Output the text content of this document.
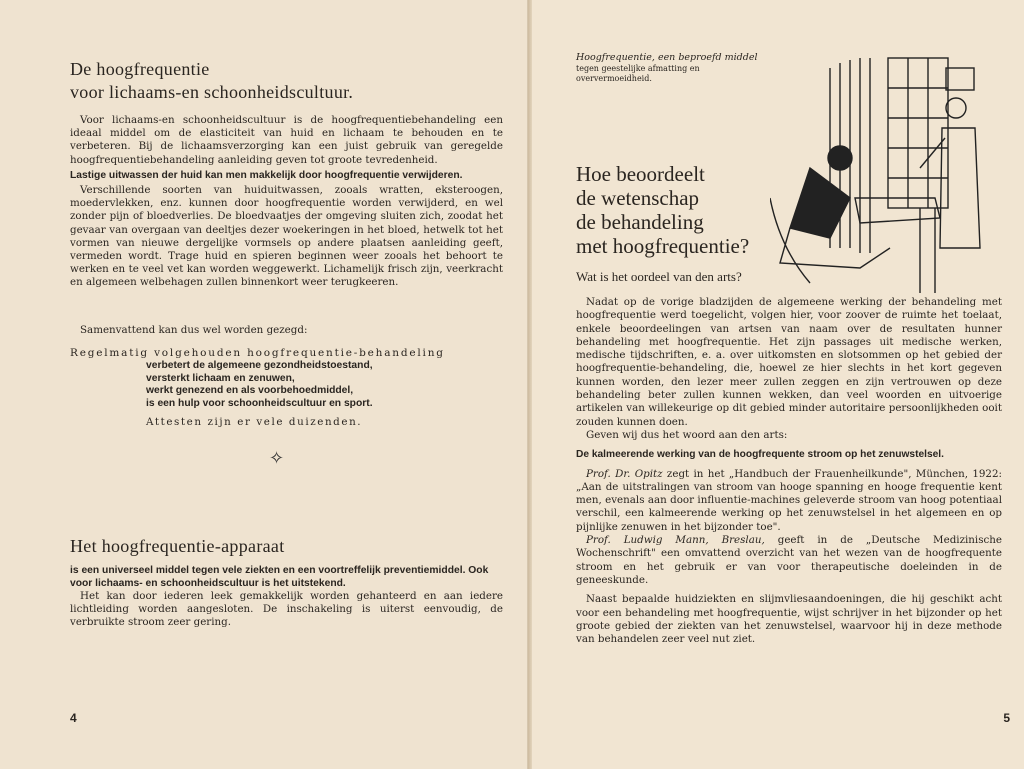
De hoogfrequentie

voor lichaams-en schoonheidscultuur.

Voor lichaams-en schoonheidscultuur is de hoogfrequentiebehandeling een ideaal middel om de elasticiteit van huid en lichaam te behouden en te verbeteren. Bij de lichaamsverzorging kan een juist gebruik van geregelde hoogfrequentiebehandeling aanleiding geven tot groote tevredenheid.

Lastige uitwassen der huid kan men makkelijk door hoogfrequentie verwijderen.

Verschillende soorten van huiduitwassen, zooals wratten, eksteroogen, moedervlekken, enz. kunnen door hoogfrequentie worden verwijderd, en wel zonder pijn of bloedverlies. De bloedvaatjes der omgeving sluiten zich, zoodat het gevaar van overgaan van deeltjes dezer woekeringen in het bloed, hetwelk tot het vormen van nieuwe dergelijke vormsels op andere plaatsen aanleiding geeft, vermeden wordt. Trage huid en spieren beginnen weer zooals het behoort te werken en te veel vet kan worden weggewerkt. Lichamelijk frisch zijn, veerkracht en algemeen welbehagen zullen binnenkort weer terugkeeren.

Samenvattend kan dus wel worden gezegd:

Regelmatig volgehouden hoogfrequentie-behandeling

verbetert de algemeene gezondheidstoestand,
versterkt lichaam en zenuwen,
werkt genezend en als voorbehoedmiddel,
is een hulp voor schoonheidscultuur en sport.

Attesten zijn er vele duizenden.

✧

Het hoogfrequentie-apparaat

is een universeel middel tegen vele ziekten en een voortreffelijk preventiemiddel. Ook voor lichaams- en schoonheidscultuur is het uitstekend.

Het kan door iederen leek gemakkelijk worden gehanteerd en aan iedere lichtleiding worden aangesloten. De inschakeling is uiterst eenvoudig, de verbruikte stroom zeer gering.

4

Hoogfrequentie, een beproefd middel

tegen geestelijke afmatting en

oververmoeidheid.

Hoe beoordeelt
de wetenschap
de behandeling
met hoogfrequentie?

Wat is het oordeel van den arts?

Nadat op de vorige bladzijden de algemeene werking der behandeling met hoogfrequentie werd toegelicht, volgen hier, voor zoover de ruimte het toelaat, enkele beoordeelingen van artsen van naam over de resultaten hunner behandeling met hoogfrequentie. Het zijn passages uit medische werken, medische tijdschriften, e. a. over uitkomsten en slotsommen op het gebied der hoogfrequentie-behandeling, die, hoewel ze hier slechts in het kort gegeven kunnen worden, den lezer meer zullen zeggen en zijn vertrouwen op deze behandeling beter zullen kunnen wekken, dan veel woorden en uitvoerige artikelen van willekeurige op dit gebied minder autoritaire persoonlijkheden ooit zouden kunnen doen.

Geven wij dus het woord aan den arts:

De kalmeerende werking van de hoogfrequente stroom op het zenuwstelsel.

Prof. Dr. Opitz zegt in het „Handbuch der Frauenheilkunde", München, 1922: „Aan de uitstralingen van stroom van hooge spanning en hooge frequentie kent men, evenals aan door influentie-machines geleverde stroom van hoog potentiaal verschil, een kalmeerende werking op het zenuwstelsel in het algemeen en op pijnlijke zenuwen in het bijzonder toe".

Prof. Ludwig Mann, Breslau, geeft in de „Deutsche Medizinische Wochenschrift" een omvattend overzicht van het wezen van de hoogfrequente stroom en het gebruik er van voor therapeutische doeleinden in de geneeskunde.

Naast bepaalde huidziekten en slijmvliesaandoeningen, die hij geschikt acht voor een behandeling met hoogfrequentie, wijst schrijver in het bijzonder op het groote gebied der ziekten van het zenuwstelsel, waarvoor hij in deze methode van behandelen zeer veel nut ziet.

5
